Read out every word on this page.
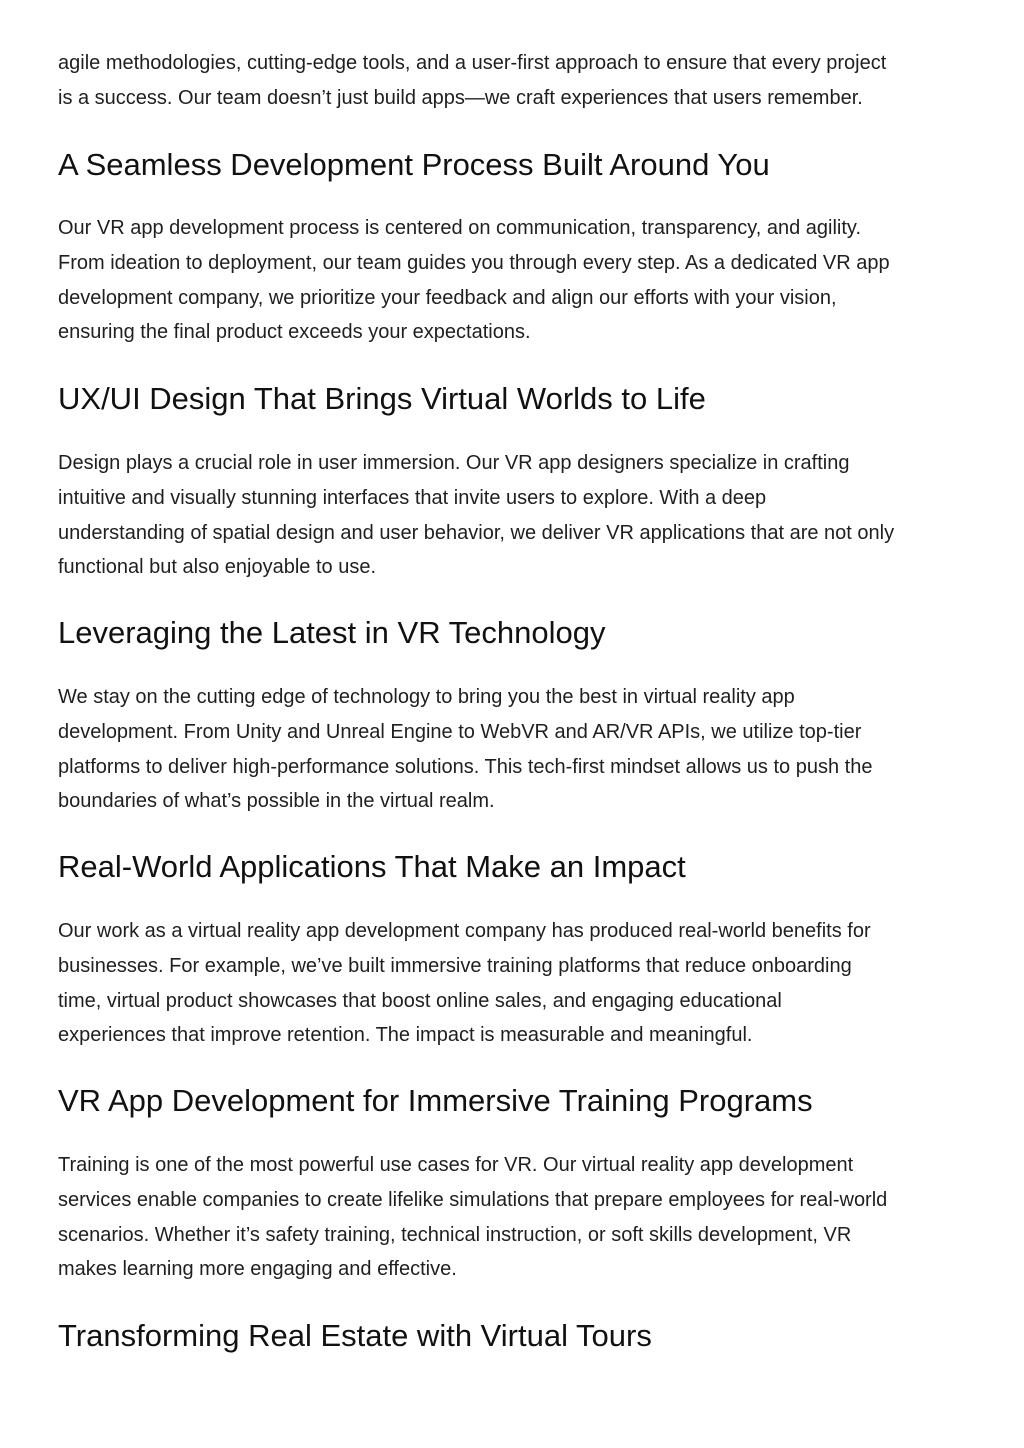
agile methodologies, cutting-edge tools, and a user-first approach to ensure that every project
is a success. Our team doesn’t just build apps—we craft experiences that users remember.

A Seamless Development Process Built Around You

Our VR app development process is centered on communication, transparency, and agility.
From ideation to deployment, our team guides you through every step. As a dedicated VR app
development company, we prioritize your feedback and align our efforts with your vision,
ensuring the final product exceeds your expectations.

UX/UI Design That Brings Virtual Worlds to Life

Design plays a crucial role in user immersion. Our VR app designers specialize in crafting
intuitive and visually stunning interfaces that invite users to explore. With a deep
understanding of spatial design and user behavior, we deliver VR applications that are not only
functional but also enjoyable to use.

Leveraging the Latest in VR Technology

We stay on the cutting edge of technology to bring you the best in virtual reality app
development. From Unity and Unreal Engine to WebVR and AR/VR APIs, we utilize top-tier
platforms to deliver high-performance solutions. This tech-first mindset allows us to push the
boundaries of what’s possible in the virtual realm.

Real-World Applications That Make an Impact

Our work as a virtual reality app development company has produced real-world benefits for
businesses. For example, we’ve built immersive training platforms that reduce onboarding
time, virtual product showcases that boost online sales, and engaging educational
experiences that improve retention. The impact is measurable and meaningful.

VR App Development for Immersive Training Programs

Training is one of the most powerful use cases for VR. Our virtual reality app development
services enable companies to create lifelike simulations that prepare employees for real-world
scenarios. Whether it’s safety training, technical instruction, or soft skills development, VR
makes learning more engaging and effective.

Transforming Real Estate with Virtual Tours
